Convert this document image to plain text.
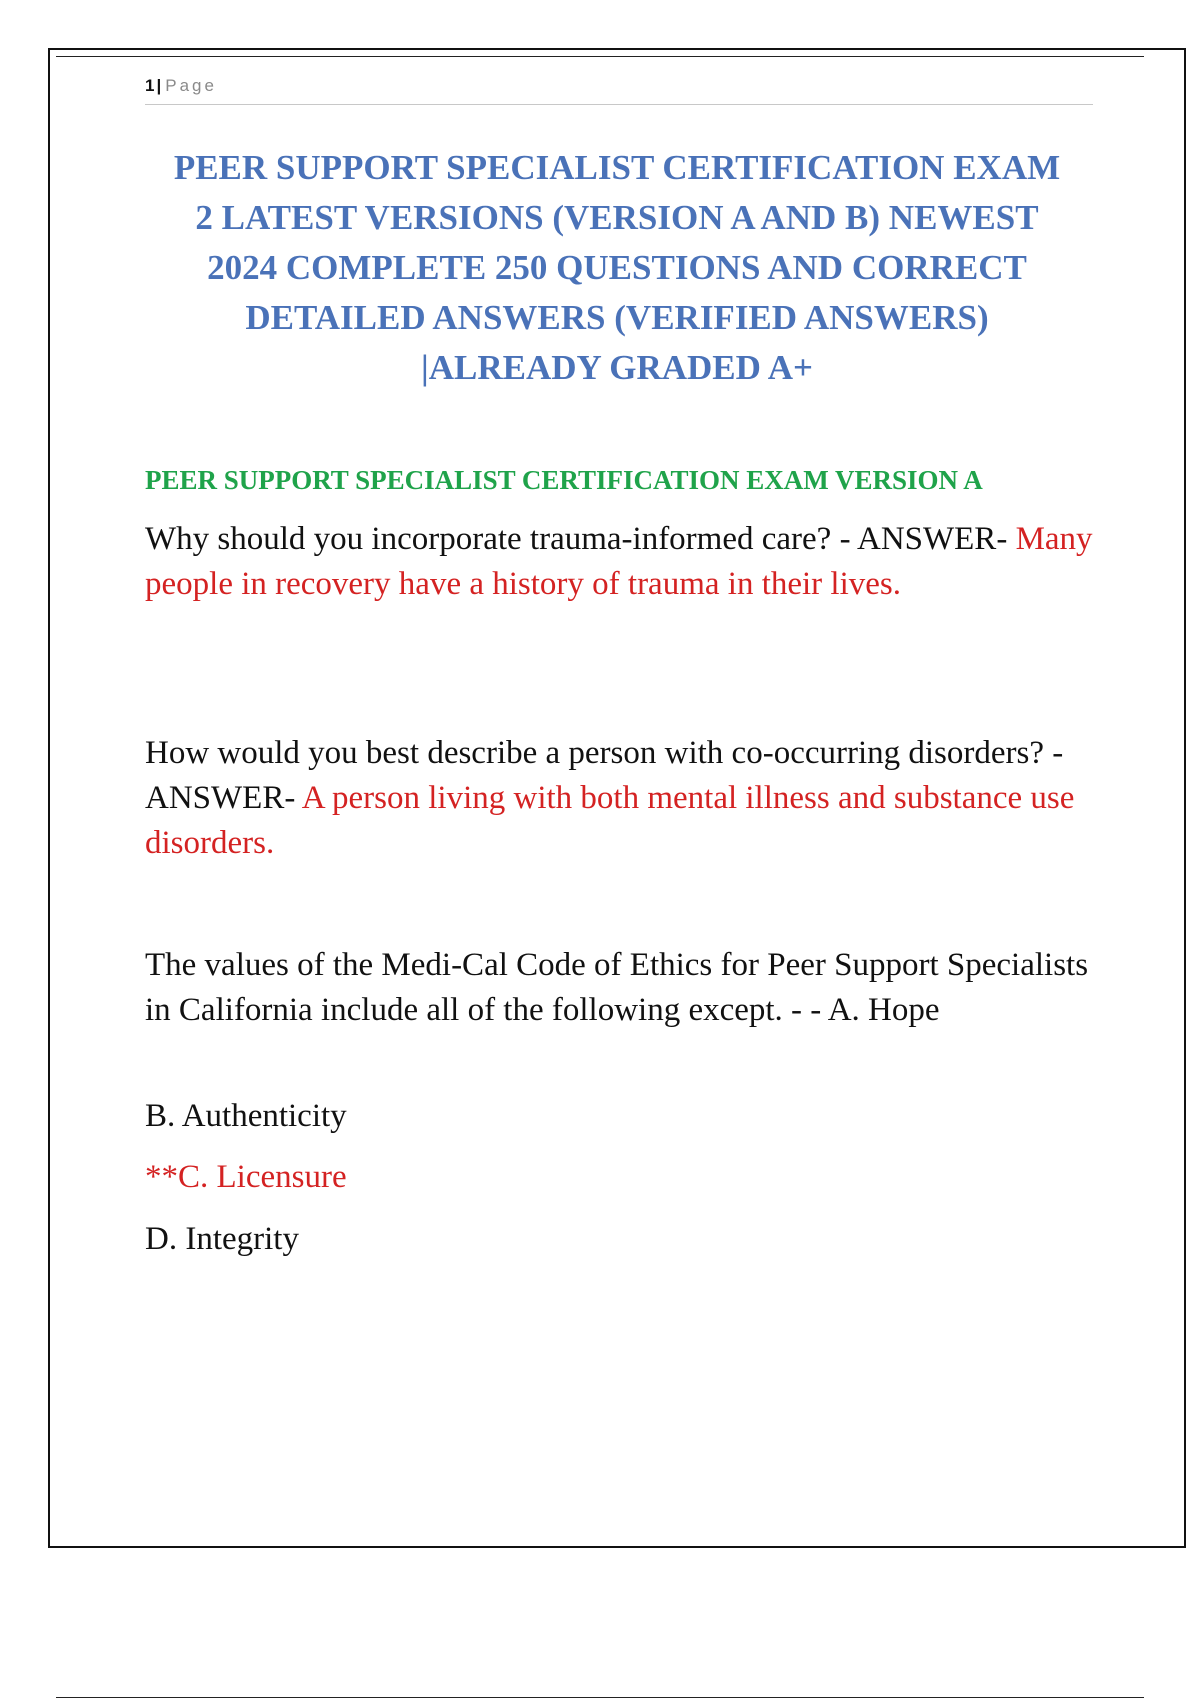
1 | Page
PEER SUPPORT SPECIALIST CERTIFICATION EXAM
2 LATEST VERSIONS (VERSION A AND B) NEWEST
2024 COMPLETE 250 QUESTIONS AND CORRECT
DETAILED ANSWERS (VERIFIED ANSWERS)
|ALREADY GRADED A+
PEER SUPPORT SPECIALIST CERTIFICATION EXAM VERSION A

Why should you incorporate trauma-informed care? - ANSWER- Many people in recovery have a history of trauma in their lives.

How would you best describe a person with co-occurring disorders? - ANSWER- A person living with both mental illness and substance use disorders.

The values of the Medi-Cal Code of Ethics for Peer Support Specialists in California include all of the following except. - - A. Hope

B. Authenticity

**C. Licensure

D. Integrity
